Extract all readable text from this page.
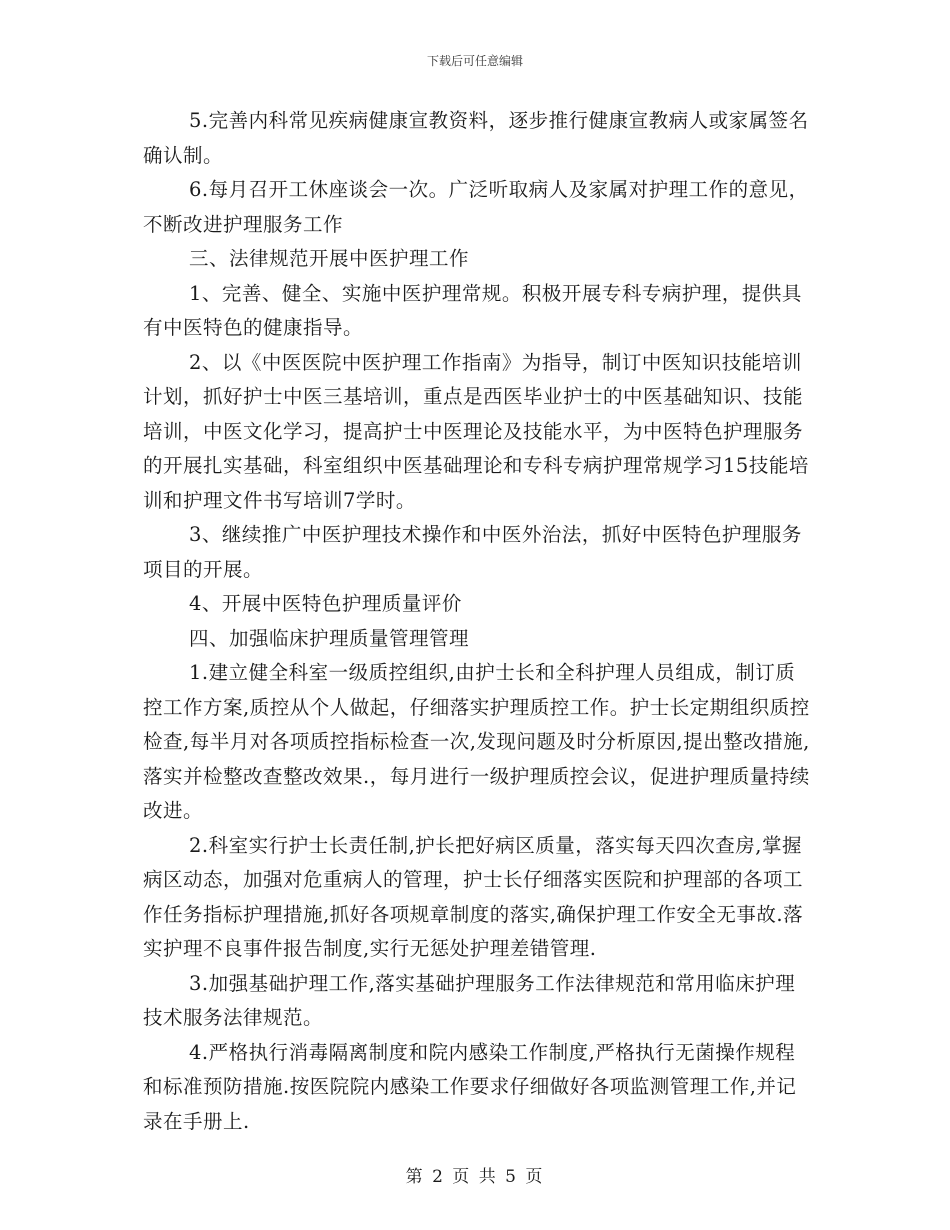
下载后可任意编辑

5.完善内科常见疾病健康宣教资料，逐步推行健康宣教病人或家属签名确认制。

6.每月召开工休座谈会一次。广泛听取病人及家属对护理工作的意见，不断改进护理服务工作

三、法律规范开展中医护理工作

1、完善、健全、实施中医护理常规。积极开展专科专病护理，提供具有中医特色的健康指导。

2、以《中医医院中医护理工作指南》为指导，制订中医知识技能培训计划，抓好护士中医三基培训，重点是西医毕业护士的中医基础知识、技能培训，中医文化学习，提高护士中医理论及技能水平，为中医特色护理服务的开展扎实基础，科室组织中医基础理论和专科专病护理常规学习15技能培训和护理文件书写培训7学时。

3、继续推广中医护理技术操作和中医外治法，抓好中医特色护理服务项目的开展。

4、开展中医特色护理质量评价

四、加强临床护理质量管理管理

1.建立健全科室一级质控组织,由护士长和全科护理人员组成，制订质控工作方案,质控从个人做起，仔细落实护理质控工作。护士长定期组织质控检查,每半月对各项质控指标检查一次,发现问题及时分析原因,提出整改措施,落实并检整改查整改效果.，每月进行一级护理质控会议，促进护理质量持续改进。

2.科室实行护士长责任制,护长把好病区质量，落实每天四次查房,掌握病区动态，加强对危重病人的管理，护士长仔细落实医院和护理部的各项工作任务指标护理措施,抓好各项规章制度的落实,确保护理工作安全无事故.落实护理不良事件报告制度,实行无惩处护理差错管理.

3.加强基础护理工作,落实基础护理服务工作法律规范和常用临床护理技术服务法律规范。

4.严格执行消毒隔离制度和院内感染工作制度,严格执行无菌操作规程和标准预防措施.按医院院内感染工作要求仔细做好各项监测管理工作,并记录在手册上.

第 2 页 共 5 页
